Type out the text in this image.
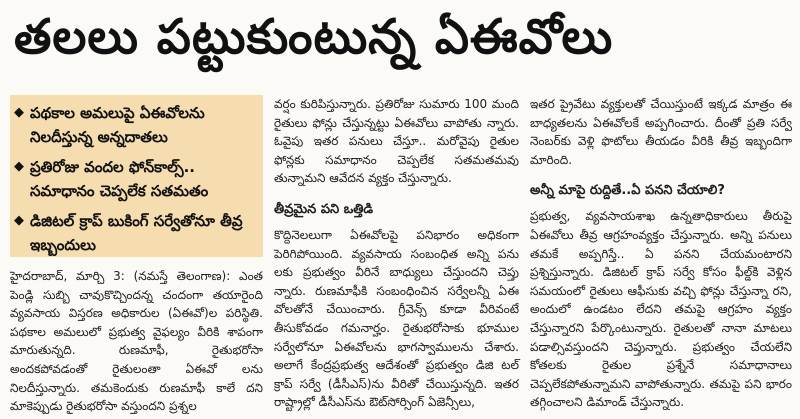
తలలు పట్టుకుంటున్న ఏఈవోలు
◆ పథకాల అమలుపై ఏఈవోలను నిలదీస్తున్న అన్నదాతలు
◆ ప్రతిరోజు వందల ఫోన్‌కాల్స్‌.. సమాధానం చెప్పలేక సతమతం
◆ డిజిటల్‌ క్రాప్‌ బుకింగ్‌ సర్వేతోనూ తీవ్ర ఇబ్బందులు

హైదరాబాద్‌, మార్చి 3: (నమస్తే తెలంగాణ): ఎంత పెండ్లి సుబ్బి చావుకొచ్చిందన్న చందంగా తయారైంది వ్యవసాయ విస్తరణ అధికారుల (ఏఈవో)ల పరిస్థితి. పథకాల అమలులో ప్రభుత్వ వైఫల్యం వీరికి శాపంగా మారుతున్నది. రుణమాఫీ, రైతుభరోసా అందకపోవడంతో రైతులంతా ఏఈవో లను నిలదీస్తున్నారు. తమకెందుకు రుణమాఫీ కాలే దని మాకెప్పుడు రైతుభరోసా వస్తుందని ప్రశ్నల

వర్షం కురిపిస్తున్నారు. ప్రతిరోజు సుమారు 100 మంది రైతులు ఫోన్లు చేస్తున్నట్టు ఏఈవోలు వాపోతు న్నారు. ఓవైపు ఇతర పనులు చేస్తూ.. మరోవైపు రైతుల ఫోన్లకు సమాధానం చెప్పలేక సతమతమవు తున్నామని ఆవేదన వ్యక్తం చేస్తున్నారు.

తీవ్రమైన పని ఒత్తిడి

కొద్దినెలలుగా ఏఈవోలపై పనిభారం అధికంగా పెరిగిపోయింది. వ్యవసాయ సంబంధిత అన్ని పను లకు ప్రభుత్వం వీరినే బాధ్యులు చేస్తుందని చెప్తు న్నారు. రుణమాఫీకి సంబంధించిన సర్వేలన్నీ ఏఈ వోలతోనే చేయించారు. గ్రీవెన్స్‌ కూడా వీరివంటే తీసుకోవడం గమనార్హం. రైతుభరోసాకు భూముల సర్వేలోనూ ఏఈవోలను భాగస్వాములను చేశారు. అలాగే కేంద్రప్రభుత్వ ఆదేశంతో ప్రభుత్వం డిజి టల్‌ క్రాప్‌ సర్వే (డీసీఎస్‌)ను వీరితో చేయిస్తున్నది. ఇతర రాష్ట్రాల్లో డీసీఎస్‌ను ఔట్‌సోర్సింగ్‌ ఏజెన్సీలు,

ఇతర ప్రైవేటు వ్యక్తులతో చేయిస్తుంటే ఇక్కడ మాత్రం ఈ బాధ్యతలను ఏఈవోలకే అప్పగించారు. దీంతో ప్రతి సర్వే నెంబర్‌కు వెళ్లి ఫొటోలు తీయడం వీరికి తీవ్ర ఇబ్బందిగా మారింది.

అన్నీ మాపై రుద్దితే..ఏ పనని చేయాలి?

ప్రభుత్వ, వ్యవసాయశాఖ ఉన్నతాధికారులు తీరుపై ఏఈవోలు తీవ్ర ఆగ్రహంవ్యక్తం చేస్తున్నారు. అన్ని పనులు తమకే అప్పగిస్తే.. ఏ పనని చేయమంటారని ప్రశ్నిస్తున్నారు. డిజిటల్‌ క్రాప్‌ సర్వే కోసం ఫీల్డ్‌కి వెళ్లిన సమయంలో రైతులు ఆఫీసుకు వచ్చి ఫోన్లు చేస్తున్నా రని, అందులో ఉండటం లేదని తమపై ఆగ్రహం వ్యక్తం చేస్తున్నారని పేర్కొంటున్నారు. రైతులతో నానా మాటలు పడాల్సివస్తుందని చెప్తున్నారు. ప్రభుత్వం చేయలేని కోతలకు రైతుల ప్రశ్నేనే సమాధానాలు చెప్పలేకపోతున్నామని వాపోతున్నారు. తమపై పని భారం తగ్గించాలని డిమాండ్‌ చేస్తున్నారు.
